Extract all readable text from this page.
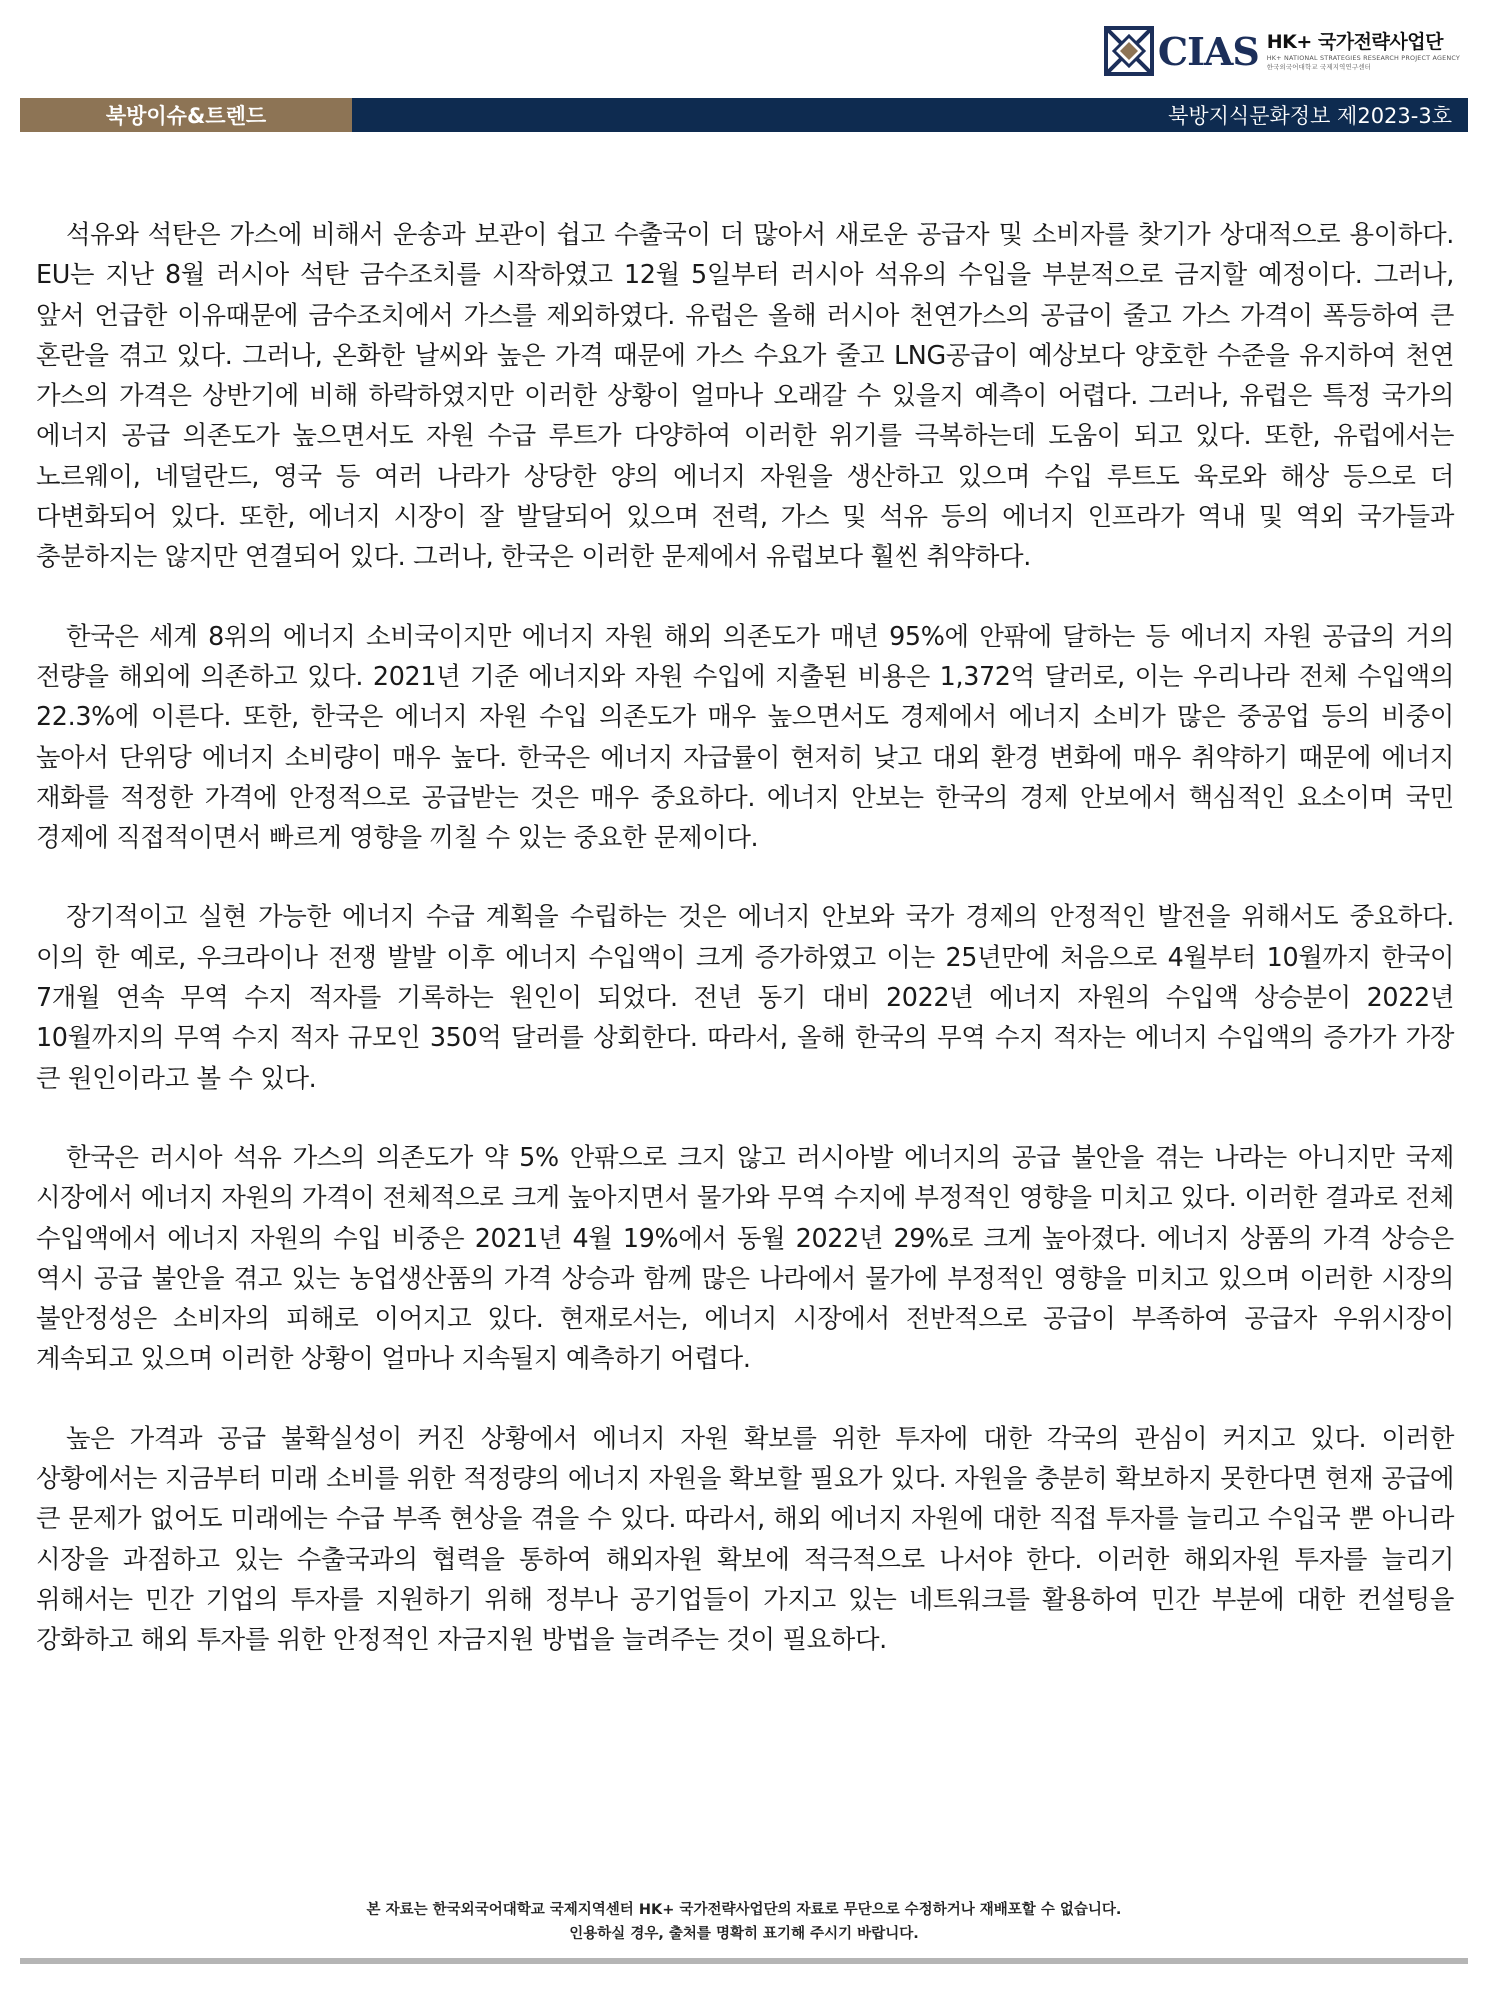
CIAS HK+ 국가전략사업단
HK+ NATIONAL STRATEGIES RESEARCH PROJECT AGENCY
한국외국어대학교 국제지역연구센터
북방이슈&트렌드	북방지식문화정보 제2023-3호

석유와 석탄은 가스에 비해서 운송과 보관이 쉽고 수출국이 더 많아서 새로운 공급자 및 소비자를 찾기가 상대적으로 용이하다. EU는 지난 8월 러시아 석탄 금수조치를 시작하였고 12월 5일부터 러시아 석유의 수입을 부분적으로 금지할 예정이다. 그러나, 앞서 언급한 이유때문에 금수조치에서 가스를 제외하였다. 유럽은 올해 러시아 천연가스의 공급이 줄고 가스 가격이 폭등하여 큰 혼란을 겪고 있다. 그러나, 온화한 날씨와 높은 가격 때문에 가스 수요가 줄고 LNG공급이 예상보다 양호한 수준을 유지하여 천연 가스의 가격은 상반기에 비해 하락하였지만 이러한 상황이 얼마나 오래갈 수 있을지 예측이 어렵다. 그러나, 유럽은 특정 국가의 에너지 공급 의존도가 높으면서도 자원 수급 루트가 다양하여 이러한 위기를 극복하는데 도움이 되고 있다. 또한, 유럽에서는 노르웨이, 네덜란드, 영국 등 여러 나라가 상당한 양의 에너지 자원을 생산하고 있으며 수입 루트도 육로와 해상 등으로 더 다변화되어 있다. 또한, 에너지 시장이 잘 발달되어 있으며 전력, 가스 및 석유 등의 에너지 인프라가 역내 및 역외 국가들과 충분하지는 않지만 연결되어 있다. 그러나, 한국은 이러한 문제에서 유럽보다 훨씬 취약하다.

한국은 세계 8위의 에너지 소비국이지만 에너지 자원 해외 의존도가 매년 95%에 안팎에 달하는 등 에너지 자원 공급의 거의 전량을 해외에 의존하고 있다. 2021년 기준 에너지와 자원 수입에 지출된 비용은 1,372억 달러로, 이는 우리나라 전체 수입액의 22.3%에 이른다. 또한, 한국은 에너지 자원 수입 의존도가 매우 높으면서도 경제에서 에너지 소비가 많은 중공업 등의 비중이 높아서 단위당 에너지 소비량이 매우 높다. 한국은 에너지 자급률이 현저히 낮고 대외 환경 변화에 매우 취약하기 때문에 에너지 재화를 적정한 가격에 안정적으로 공급받는 것은 매우 중요하다. 에너지 안보는 한국의 경제 안보에서 핵심적인 요소이며 국민 경제에 직접적이면서 빠르게 영향을 끼칠 수 있는 중요한 문제이다.

장기적이고 실현 가능한 에너지 수급 계획을 수립하는 것은 에너지 안보와 국가 경제의 안정적인 발전을 위해서도 중요하다. 이의 한 예로, 우크라이나 전쟁 발발 이후 에너지 수입액이 크게 증가하였고 이는 25년만에 처음으로 4월부터 10월까지 한국이 7개월 연속 무역 수지 적자를 기록하는 원인이 되었다. 전년 동기 대비 2022년 에너지 자원의 수입액 상승분이 2022년 10월까지의 무역 수지 적자 규모인 350억 달러를 상회한다. 따라서, 올해 한국의 무역 수지 적자는 에너지 수입액의 증가가 가장 큰 원인이라고 볼 수 있다.

한국은 러시아 석유 가스의 의존도가 약 5% 안팎으로 크지 않고 러시아발 에너지의 공급 불안을 겪는 나라는 아니지만 국제 시장에서 에너지 자원의 가격이 전체적으로 크게 높아지면서 물가와 무역 수지에 부정적인 영향을 미치고 있다. 이러한 결과로 전체 수입액에서 에너지 자원의 수입 비중은 2021년 4월 19%에서 동월 2022년 29%로 크게 높아졌다. 에너지 상품의 가격 상승은 역시 공급 불안을 겪고 있는 농업생산품의 가격 상승과 함께 많은 나라에서 물가에 부정적인 영향을 미치고 있으며 이러한 시장의 불안정성은 소비자의 피해로 이어지고 있다. 현재로서는, 에너지 시장에서 전반적으로 공급이 부족하여 공급자 우위시장이 계속되고 있으며 이러한 상황이 얼마나 지속될지 예측하기 어렵다.

높은 가격과 공급 불확실성이 커진 상황에서 에너지 자원 확보를 위한 투자에 대한 각국의 관심이 커지고 있다. 이러한 상황에서는 지금부터 미래 소비를 위한 적정량의 에너지 자원을 확보할 필요가 있다. 자원을 충분히 확보하지 못한다면 현재 공급에 큰 문제가 없어도 미래에는 수급 부족 현상을 겪을 수 있다. 따라서, 해외 에너지 자원에 대한 직접 투자를 늘리고 수입국 뿐 아니라 시장을 과점하고 있는 수출국과의 협력을 통하여 해외자원 확보에 적극적으로 나서야 한다. 이러한 해외자원 투자를 늘리기 위해서는 민간 기업의 투자를 지원하기 위해 정부나 공기업들이 가지고 있는 네트워크를 활용하여 민간 부분에 대한 컨설팅을 강화하고 해외 투자를 위한 안정적인 자금지원 방법을 늘려주는 것이 필요하다.

본 자료는 한국외국어대학교 국제지역센터 HK+ 국가전략사업단의 자료로 무단으로 수정하거나 재배포할 수 없습니다.
인용하실 경우, 출처를 명확히 표기해 주시기 바랍니다.
